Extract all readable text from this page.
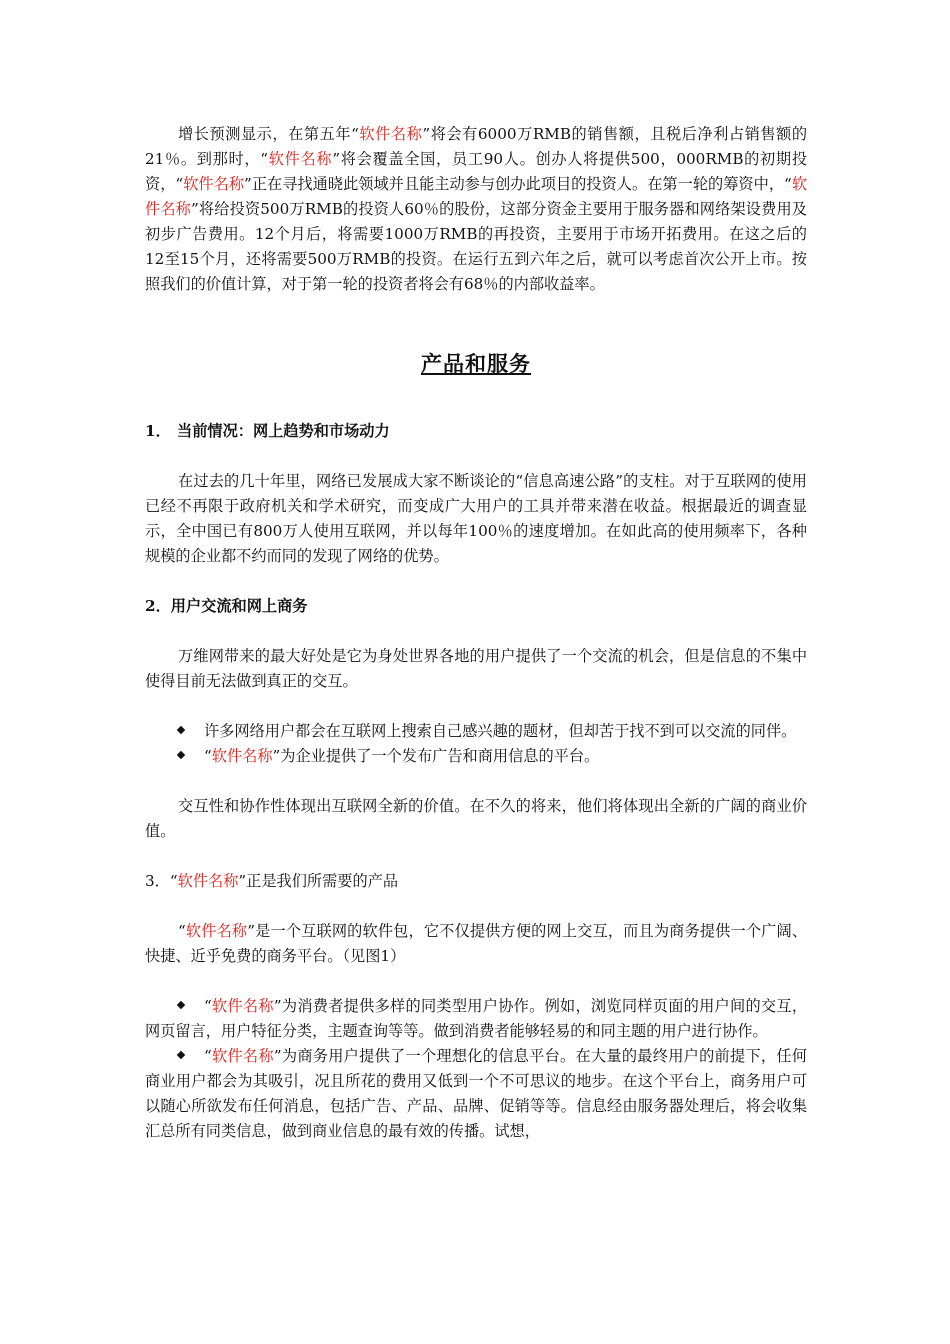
增长预测显示，在第五年“软件名称”将会有6000万RMB的销售额，且税后净利占销售额的21％。到那时，“软件名称”将会覆盖全国，员工90人。创办人将提供500，000RMB的初期投资，“软件名称”正在寻找通晓此领域并且能主动参与创办此项目的投资人。在第一轮的筹资中，“软件名称”将给投资500万RMB的投资人60％的股份，这部分资金主要用于服务器和网络架设费用及初步广告费用。12个月后，将需要1000万RMB的再投资，主要用于市场开拓费用。在这之后的12至15个月，还将需要500万RMB的投资。在运行五到六年之后，就可以考虑首次公开上市。按照我们的价值计算，对于第一轮的投资者将会有68％的内部收益率。

产品和服务

1． 当前情况：网上趋势和市场动力

在过去的几十年里，网络已发展成大家不断谈论的“信息高速公路”的支柱。对于互联网的使用已经不再限于政府机关和学术研究，而变成广大用户的工具并带来潜在收益。根据最近的调查显示，全中国已有800万人使用互联网，并以每年100％的速度增加。在如此高的使用频率下，各种规模的企业都不约而同的发现了网络的优势。

2．用户交流和网上商务

万维网带来的最大好处是它为身处世界各地的用户提供了一个交流的机会，但是信息的不集中使得目前无法做到真正的交互。

许多网络用户都会在互联网上搜索自己感兴趣的题材，但却苦于找不到可以交流的同伴。

“软件名称”为企业提供了一个发布广告和商用信息的平台。

交互性和协作性体现出互联网全新的价值。在不久的将来，他们将体现出全新的广阔的商业价值。

3．“软件名称”正是我们所需要的产品

“软件名称”是一个互联网的软件包，它不仅提供方便的网上交互，而且为商务提供一个广阔、快捷、近乎免费的商务平台。（见图1）

“软件名称”为消费者提供多样的同类型用户协作。例如，浏览同样页面的用户间的交互，网页留言，用户特征分类，主题查询等等。做到消费者能够轻易的和同主题的用户进行协作。

“软件名称”为商务用户提供了一个理想化的信息平台。在大量的最终用户的前提下，任何商业用户都会为其吸引，况且所花的费用又低到一个不可思议的地步。在这个平台上，商务用户可以随心所欲发布任何消息，包括广告、产品、品牌、促销等等。信息经由服务器处理后，将会收集汇总所有同类信息，做到商业信息的最有效的传播。试想，
